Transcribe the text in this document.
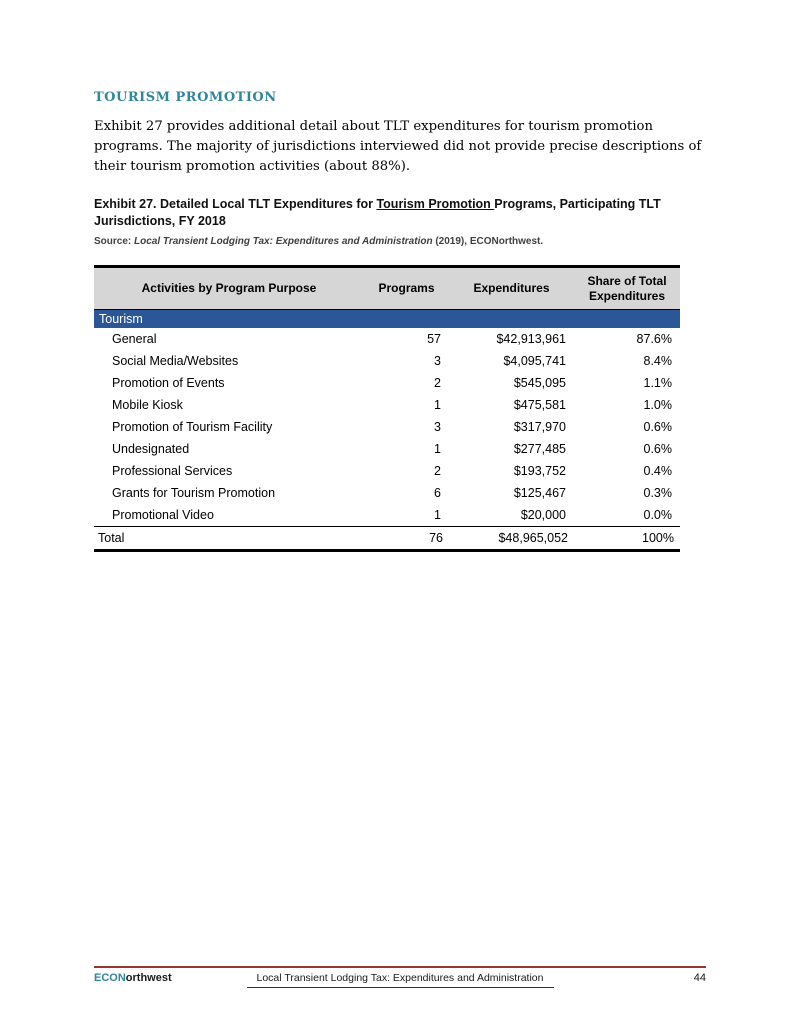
TOURISM PROMOTION

Exhibit 27 provides additional detail about TLT expenditures for tourism promotion programs. The majority of jurisdictions interviewed did not provide precise descriptions of their tourism promotion activities (about 88%).

Exhibit 27. Detailed Local TLT Expenditures for Tourism Promotion Programs, Participating TLT Jurisdictions, FY 2018
Source: Local Transient Lodging Tax: Expenditures and Administration (2019), ECONorthwest.
Activities by Program Purpose	Programs	Expenditures	Share of Total Expenditures
Tourism			
General	57	$42,913,961	87.6%
Social Media/Websites	3	$4,095,741	8.4%
Promotion of Events	2	$545,095	1.1%
Mobile Kiosk	1	$475,581	1.0%
Promotion of Tourism Facility	3	$317,970	0.6%
Undesignated	1	$277,485	0.6%
Professional Services	2	$193,752	0.4%
Grants for Tourism Promotion	6	$125,467	0.3%
Promotional Video	1	$20,000	0.0%
Total	76	$48,965,052	100%
ECONorthwest	Local Transient Lodging Tax: Expenditures and Administration	44
